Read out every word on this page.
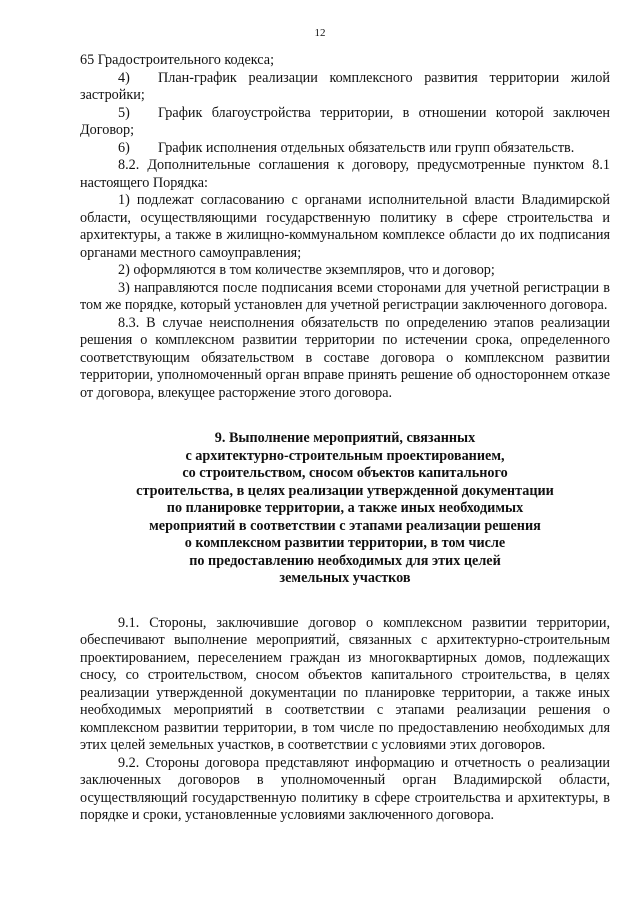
12

65 Градостроительного кодекса;

4) План-график реализации комплексного развития территории жилой застройки;

5) График благоустройства территории, в отношении которой заключен Договор;

6) График исполнения отдельных обязательств или групп обязательств.

8.2. Дополнительные соглашения к договору, предусмотренные пунктом 8.1 настоящего Порядка:

1) подлежат согласованию с органами исполнительной власти Владимирской области, осуществляющими государственную политику в сфере строительства и архитектуры, а также в жилищно-коммунальном комплексе области до их подписания органами местного самоуправления;

2) оформляются в том количестве экземпляров, что и договор;

3) направляются после подписания всеми сторонами для учетной регистрации в том же порядке, который установлен для учетной регистрации заключенного договора.

8.3. В случае неисполнения обязательств по определению этапов реализации решения о комплексном развитии территории по истечении срока, определенного соответствующим обязательством в составе договора о комплексном развитии территории, уполномоченный орган вправе принять решение об одностороннем отказе от договора, влекущее расторжение этого договора.

9. Выполнение мероприятий, связанных
с архитектурно-строительным проектированием,
со строительством, сносом объектов капитального
строительства, в целях реализации утвержденной документации
по планировке территории, а также иных необходимых
мероприятий в соответствии с этапами реализации решения
о комплексном развитии территории, в том числе
по предоставлению необходимых для этих целей
земельных участков

9.1. Стороны, заключившие договор о комплексном развитии территории, обеспечивают выполнение мероприятий, связанных с архитектурно-строительным проектированием, переселением граждан из многоквартирных домов, подлежащих сносу, со строительством, сносом объектов капитального строительства, в целях реализации утвержденной документации по планировке территории, а также иных необходимых мероприятий в соответствии с этапами реализации решения о комплексном развитии территории, в том числе по предоставлению необходимых для этих целей земельных участков, в соответствии с условиями этих договоров.

9.2. Стороны договора представляют информацию и отчетность о реализации заключенных договоров в уполномоченный орган Владимирской области, осуществляющий государственную политику в сфере строительства и архитектуры, в порядке и сроки, установленные условиями заключенного договора.
